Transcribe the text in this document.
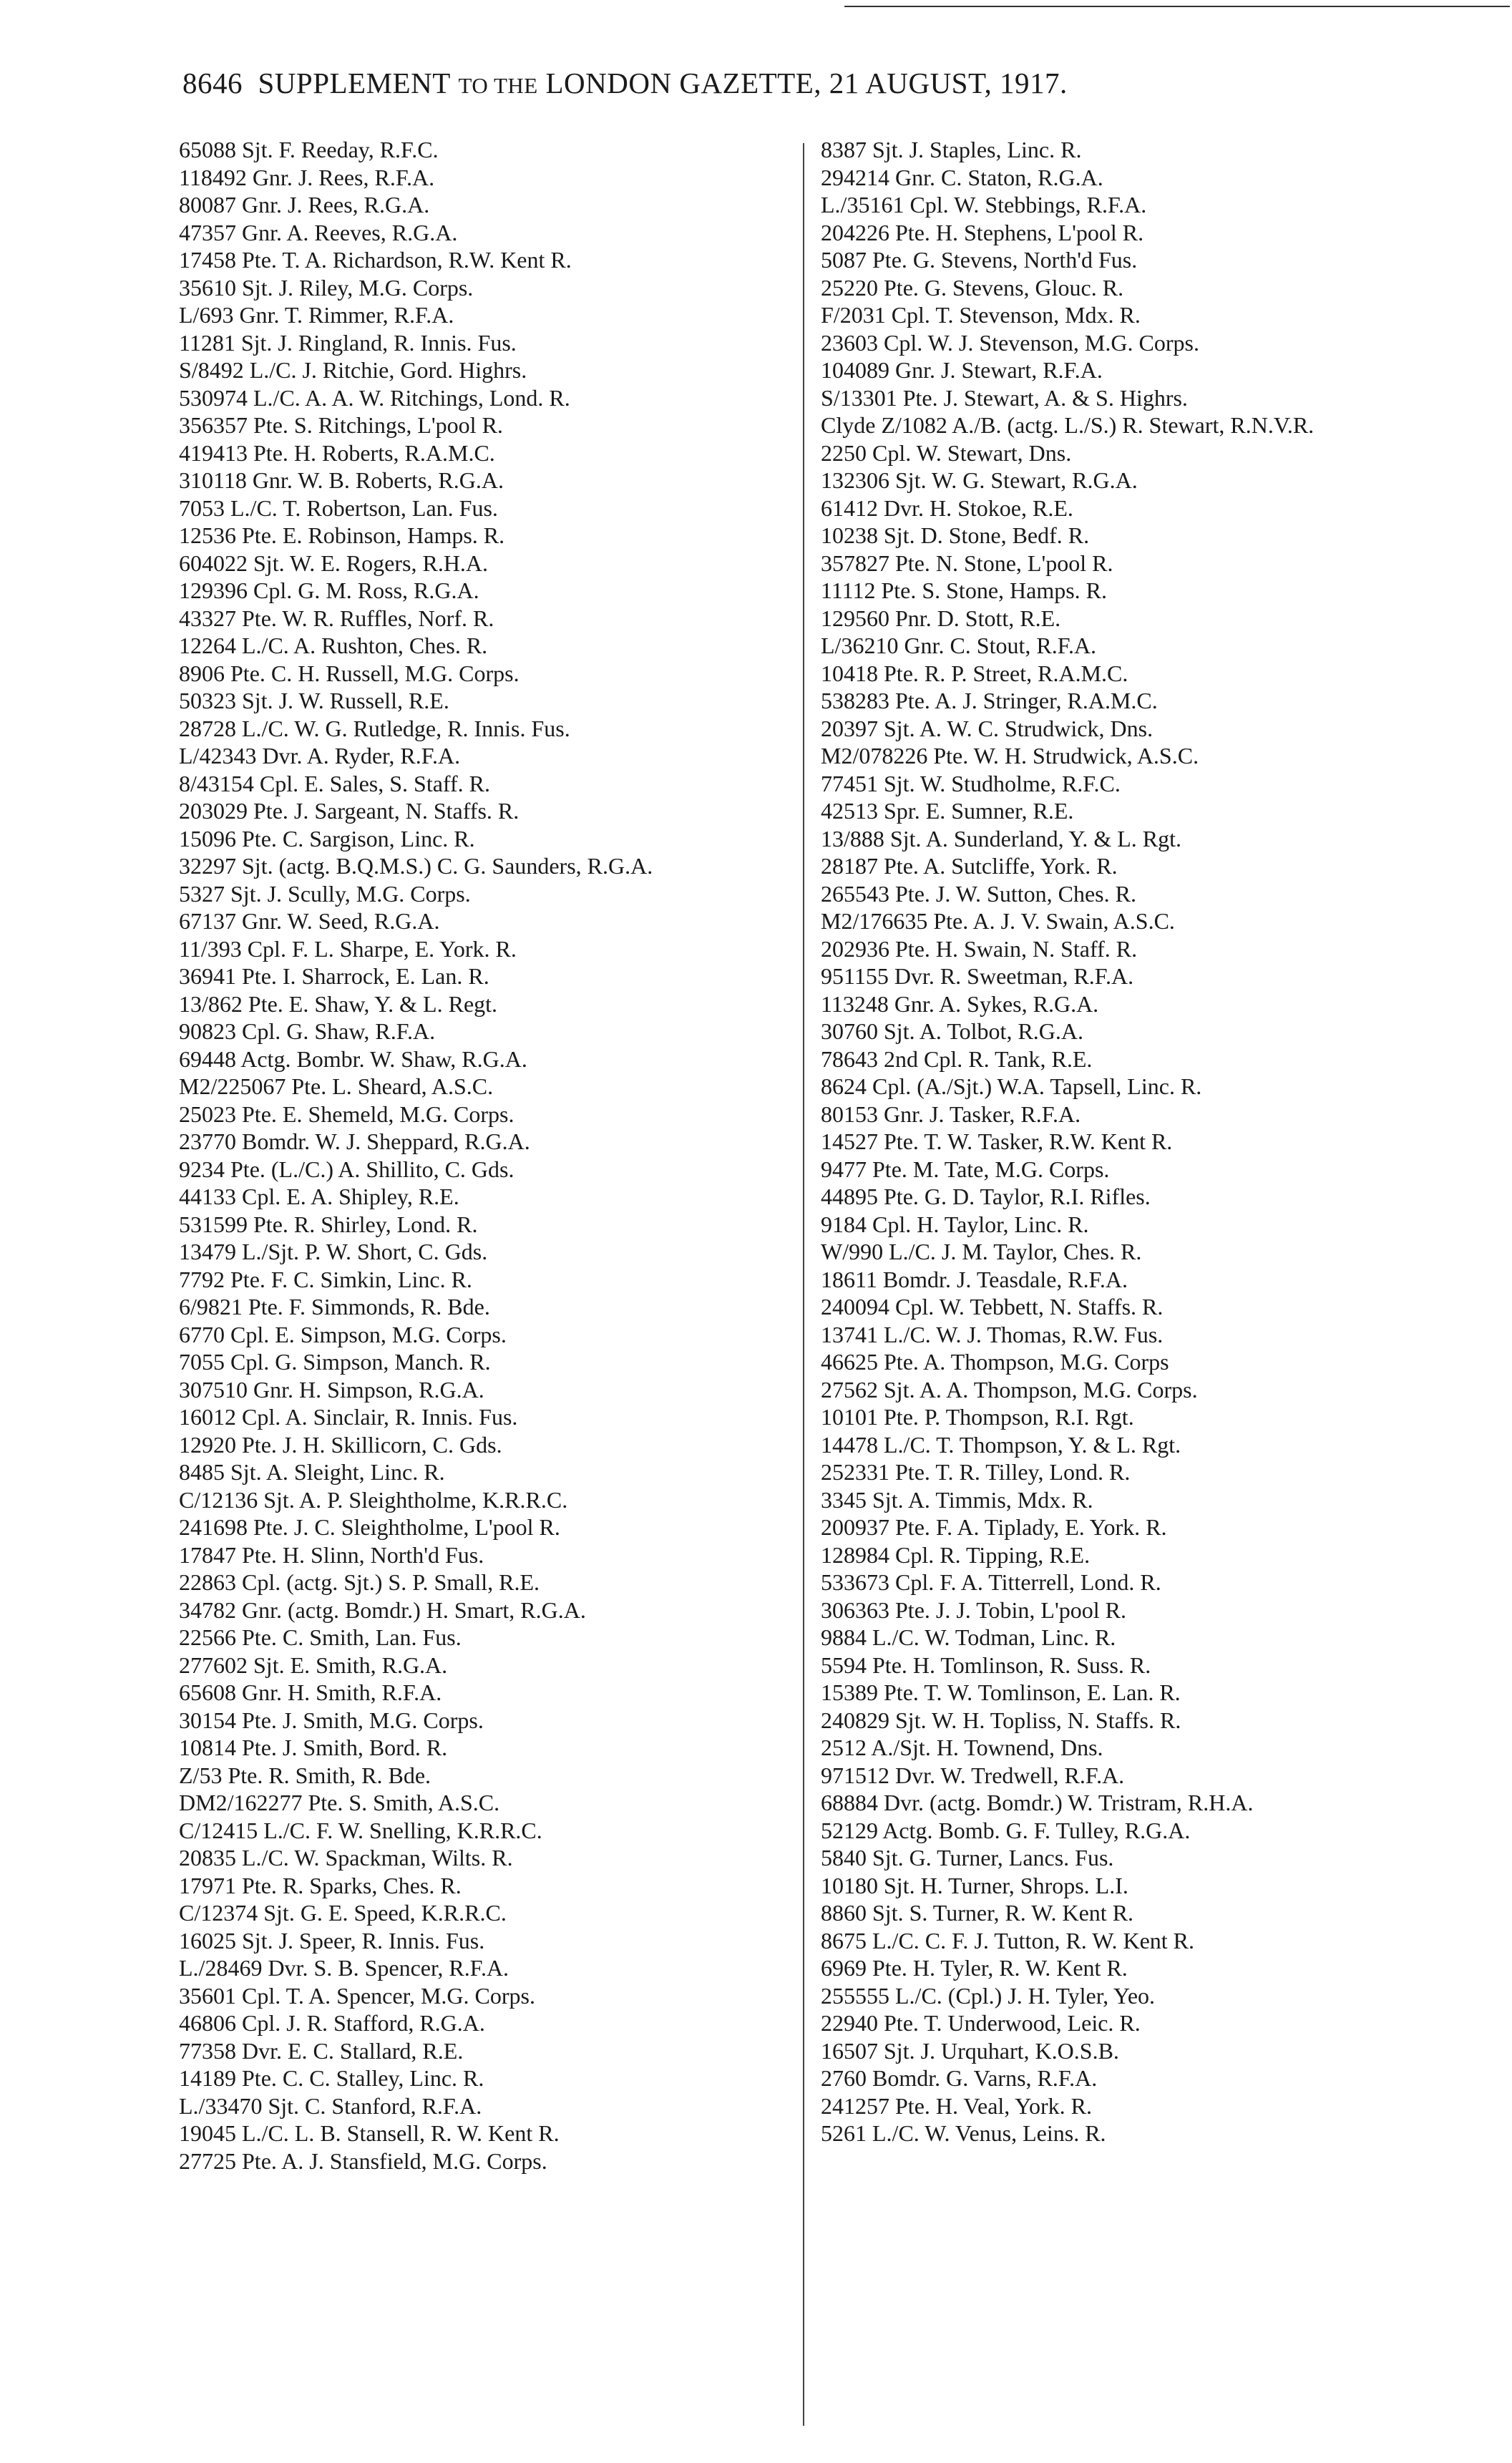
8646 SUPPLEMENT TO THE LONDON GAZETTE, 21 AUGUST, 1917.
65088 Sjt. F. Reeday, R.F.C.
118492 Gnr. J. Rees, R.F.A.
80087 Gnr. J. Rees, R.G.A.
47357 Gnr. A. Reeves, R.G.A.
17458 Pte. T. A. Richardson, R.W. Kent R.
35610 Sjt. J. Riley, M.G. Corps.
L/693 Gnr. T. Rimmer, R.F.A.
11281 Sjt. J. Ringland, R. Innis. Fus.
S/8492 L./C. J. Ritchie, Gord. Highrs.
530974 L./C. A. A. W. Ritchings, Lond. R.
356357 Pte. S. Ritchings, L'pool R.
419413 Pte. H. Roberts, R.A.M.C.
310118 Gnr. W. B. Roberts, R.G.A.
7053 L./C. T. Robertson, Lan. Fus.
12536 Pte. E. Robinson, Hamps. R.
604022 Sjt. W. E. Rogers, R.H.A.
129396 Cpl. G. M. Ross, R.G.A.
43327 Pte. W. R. Ruffles, Norf. R.
12264 L./C. A. Rushton, Ches. R.
8906 Pte. C. H. Russell, M.G. Corps.
50323 Sjt. J. W. Russell, R.E.
28728 L./C. W. G. Rutledge, R. Innis. Fus.
L/42343 Dvr. A. Ryder, R.F.A.
8/43154 Cpl. E. Sales, S. Staff. R.
203029 Pte. J. Sargeant, N. Staffs. R.
15096 Pte. C. Sargison, Linc. R.
32297 Sjt. (actg. B.Q.M.S.) C. G. Saunders, R.G.A.
5327 Sjt. J. Scully, M.G. Corps.
67137 Gnr. W. Seed, R.G.A.
11/393 Cpl. F. L. Sharpe, E. York. R.
36941 Pte. I. Sharrock, E. Lan. R.
13/862 Pte. E. Shaw, Y. & L. Regt.
90823 Cpl. G. Shaw, R.F.A.
69448 Actg. Bombr. W. Shaw, R.G.A.
M2/225067 Pte. L. Sheard, A.S.C.
25023 Pte. E. Shemeld, M.G. Corps.
23770 Bomdr. W. J. Sheppard, R.G.A.
9234 Pte. (L./C.) A. Shillito, C. Gds.
44133 Cpl. E. A. Shipley, R.E.
531599 Pte. R. Shirley, Lond. R.
13479 L./Sjt. P. W. Short, C. Gds.
7792 Pte. F. C. Simkin, Linc. R.
6/9821 Pte. F. Simmonds, R. Bde.
6770 Cpl. E. Simpson, M.G. Corps.
7055 Cpl. G. Simpson, Manch. R.
307510 Gnr. H. Simpson, R.G.A.
16012 Cpl. A. Sinclair, R. Innis. Fus.
12920 Pte. J. H. Skillicorn, C. Gds.
8485 Sjt. A. Sleight, Linc. R.
C/12136 Sjt. A. P. Sleightholme, K.R.R.C.
241698 Pte. J. C. Sleightholme, L'pool R.
17847 Pte. H. Slinn, North'd Fus.
22863 Cpl. (actg. Sjt.) S. P. Small, R.E.
34782 Gnr. (actg. Bomdr.) H. Smart, R.G.A.
22566 Pte. C. Smith, Lan. Fus.
277602 Sjt. E. Smith, R.G.A.
65608 Gnr. H. Smith, R.F.A.
30154 Pte. J. Smith, M.G. Corps.
10814 Pte. J. Smith, Bord. R.
Z/53 Pte. R. Smith, R. Bde.
DM2/162277 Pte. S. Smith, A.S.C.
C/12415 L./C. F. W. Snelling, K.R.R.C.
20835 L./C. W. Spackman, Wilts. R.
17971 Pte. R. Sparks, Ches. R.
C/12374 Sjt. G. E. Speed, K.R.R.C.
16025 Sjt. J. Speer, R. Innis. Fus.
L./28469 Dvr. S. B. Spencer, R.F.A.
35601 Cpl. T. A. Spencer, M.G. Corps.
46806 Cpl. J. R. Stafford, R.G.A.
77358 Dvr. E. C. Stallard, R.E.
14189 Pte. C. C. Stalley, Linc. R.
L./33470 Sjt. C. Stanford, R.F.A.
19045 L./C. L. B. Stansell, R. W. Kent R.
27725 Pte. A. J. Stansfield, M.G. Corps.
8387 Sjt. J. Staples, Linc. R.
294214 Gnr. C. Staton, R.G.A.
L./35161 Cpl. W. Stebbings, R.F.A.
204226 Pte. H. Stephens, L'pool R.
5087 Pte. G. Stevens, North'd Fus.
25220 Pte. G. Stevens, Glouc. R.
F/2031 Cpl. T. Stevenson, Mdx. R.
23603 Cpl. W. J. Stevenson, M.G. Corps.
104089 Gnr. J. Stewart, R.F.A.
S/13301 Pte. J. Stewart, A. & S. Highrs.
Clyde Z/1082 A./B. (actg. L./S.) R. Stewart, R.N.V.R.
2250 Cpl. W. Stewart, Dns.
132306 Sjt. W. G. Stewart, R.G.A.
61412 Dvr. H. Stokoe, R.E.
10238 Sjt. D. Stone, Bedf. R.
357827 Pte. N. Stone, L'pool R.
11112 Pte. S. Stone, Hamps. R.
129560 Pnr. D. Stott, R.E.
L/36210 Gnr. C. Stout, R.F.A.
10418 Pte. R. P. Street, R.A.M.C.
538283 Pte. A. J. Stringer, R.A.M.C.
20397 Sjt. A. W. C. Strudwick, Dns.
M2/078226 Pte. W. H. Strudwick, A.S.C.
77451 Sjt. W. Studholme, R.F.C.
42513 Spr. E. Sumner, R.E.
13/888 Sjt. A. Sunderland, Y. & L. Rgt.
28187 Pte. A. Sutcliffe, York. R.
265543 Pte. J. W. Sutton, Ches. R.
M2/176635 Pte. A. J. V. Swain, A.S.C.
202936 Pte. H. Swain, N. Staff. R.
951155 Dvr. R. Sweetman, R.F.A.
113248 Gnr. A. Sykes, R.G.A.
30760 Sjt. A. Tolbot, R.G.A.
78643 2nd Cpl. R. Tank, R.E.
8624 Cpl. (A./Sjt.) W.A. Tapsell, Linc. R.
80153 Gnr. J. Tasker, R.F.A.
14527 Pte. T. W. Tasker, R.W. Kent R.
9477 Pte. M. Tate, M.G. Corps.
44895 Pte. G. D. Taylor, R.I. Rifles.
9184 Cpl. H. Taylor, Linc. R.
W/990 L./C. J. M. Taylor, Ches. R.
18611 Bomdr. J. Teasdale, R.F.A.
240094 Cpl. W. Tebbett, N. Staffs. R.
13741 L./C. W. J. Thomas, R.W. Fus.
46625 Pte. A. Thompson, M.G. Corps
27562 Sjt. A. A. Thompson, M.G. Corps.
10101 Pte. P. Thompson, R.I. Rgt.
14478 L./C. T. Thompson, Y. & L. Rgt.
252331 Pte. T. R. Tilley, Lond. R.
3345 Sjt. A. Timmis, Mdx. R.
200937 Pte. F. A. Tiplady, E. York. R.
128984 Cpl. R. Tipping, R.E.
533673 Cpl. F. A. Titterrell, Lond. R.
306363 Pte. J. J. Tobin, L'pool R.
9884 L./C. W. Todman, Linc. R.
5594 Pte. H. Tomlinson, R. Suss. R.
15389 Pte. T. W. Tomlinson, E. Lan. R.
240829 Sjt. W. H. Topliss, N. Staffs. R.
2512 A./Sjt. H. Townend, Dns.
971512 Dvr. W. Tredwell, R.F.A.
68884 Dvr. (actg. Bomdr.) W. Tristram, R.H.A.
52129 Actg. Bomb. G. F. Tulley, R.G.A.
5840 Sjt. G. Turner, Lancs. Fus.
10180 Sjt. H. Turner, Shrops. L.I.
8860 Sjt. S. Turner, R. W. Kent R.
8675 L./C. C. F. J. Tutton, R. W. Kent R.
6969 Pte. H. Tyler, R. W. Kent R.
255555 L./C. (Cpl.) J. H. Tyler, Yeo.
22940 Pte. T. Underwood, Leic. R.
16507 Sjt. J. Urquhart, K.O.S.B.
2760 Bomdr. G. Varns, R.F.A.
241257 Pte. H. Veal, York. R.
5261 L./C. W. Venus, Leins. R.
